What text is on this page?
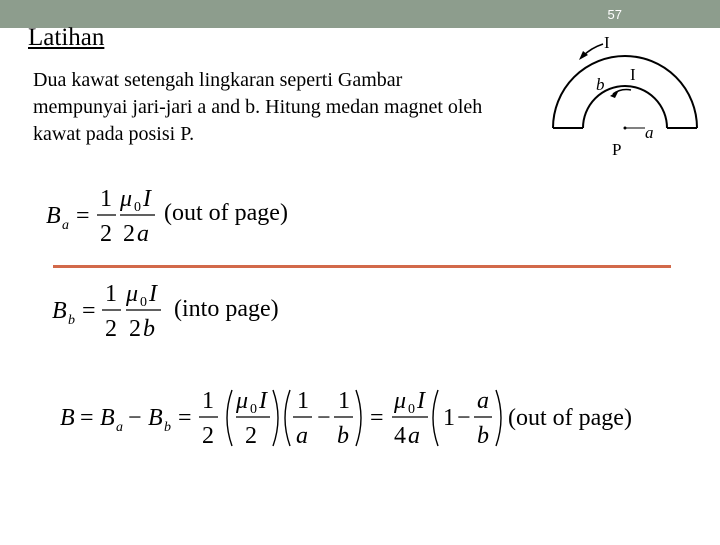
57
Latihan
Dua kawat setengah lingkaran seperti Gambar mempunyai jari-jari a and b. Hitung medan magnet oleh kawat pada posisi P.
I
I
b
a
P
B a =
1
2
μ 0 I
2 a
(out of page)
B b =
1
2
μ 0 I
2 b
(into page)
B = B a − B b =
1
2
μ 0 I
2
1
a
−
1
b
=
μ 0 I
4 a
1 −
a
b
(out of page)
